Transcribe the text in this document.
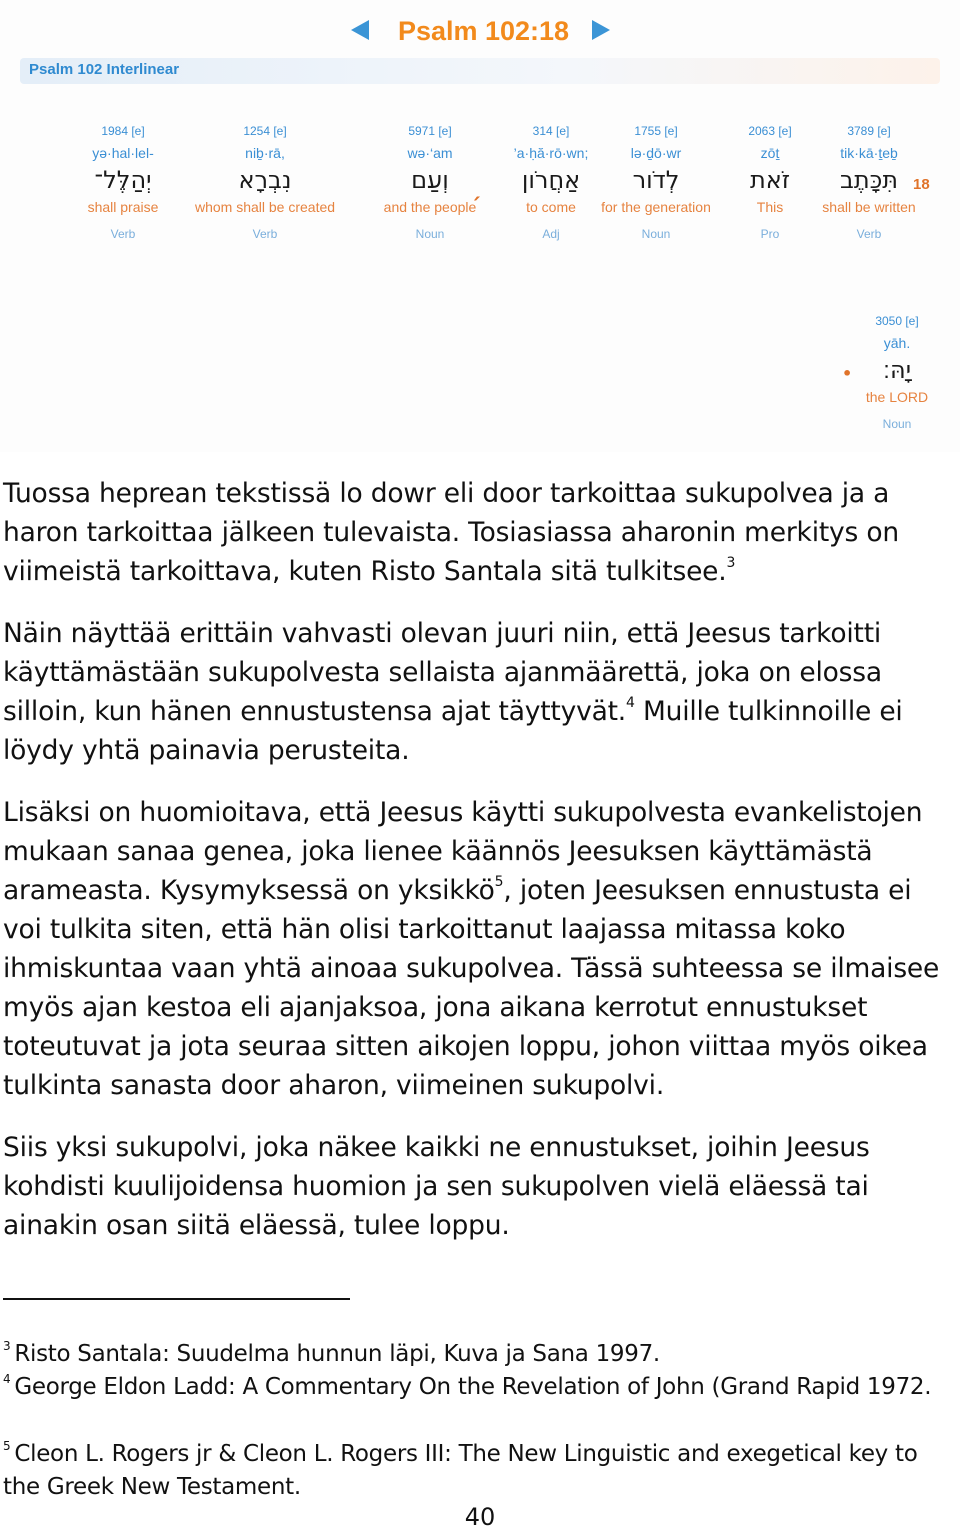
Psalm 102:18
Psalm 102 Interlinear
18
3789 [e]
tik·kā·ṯeḇ
תִּכָּתֶב
shall be written
Verb
2063 [e]
zōṯ
זֹאת
This
Pro
1755 [e]
lə·ḏō·wr
לְדֹור
for the generation
Noun
314 [e]
’a·ḥă·rō·wn;
אַחֲרֹון
to come
Adj
ˏ
5971 [e]
wə·‘am
וְעַם
and the people
Noun
1254 [e]
niḇ·rā,
נִבְרָא
whom shall be created
Verb
1984 [e]
yə·hal·lel-
יְהַלֶּל־
shall praise
Verb
3050 [e]
yāh.
יָהּ׃
the LORD
Noun
•

Tuossa heprean tekstissä lo dowr eli door tarkoittaa sukupolvea ja a haron tarkoittaa jälkeen tulevaista. Tosiasiassa aharonin merkitys on viimeistä tarkoittava, kuten Risto Santala sitä tulkitsee.$^3$

Näin näyttää erittäin vahvasti olevan juuri niin, että Jeesus tarkoitti käyttämästään sukupolvesta sellaista ajanmäärettä, joka on elossa silloin, kun hänen ennustustensa ajat täyttyvät.$^4$ Muille tulkinnoille ei löydy yhtä painavia perusteita.

Lisäksi on huomioitava, että Jeesus käytti sukupolvesta evankelistojen mukaan sanaa genea, joka lienee käännös Jeesuksen käyttämästä arameasta. Kysymyksessä on yksikkö$^5$, joten Jeesuksen ennustusta ei voi tulkita siten, että hän olisi tarkoittanut laajassa mitassa koko ihmiskuntaa vaan yhtä ainoaa sukupolvea. Tässä suhteessa se ilmaisee myös ajan kestoa eli ajanjaksoa, jona aikana kerrotut ennustukset toteutuvat ja jota seuraa sitten aikojen loppu, johon viittaa myös oikea tulkinta sanasta door aharon, viimeinen sukupolvi.

Siis yksi sukupolvi, joka näkee kaikki ne ennustukset, joihin Jeesus kohdisti kuulijoidensa huomion ja sen sukupolven vielä eläessä tai ainakin osan siitä eläessä, tulee loppu.

$^3$ Risto Santala: Suudelma hunnun läpi, Kuva ja Sana 1997.

$^4$ George Eldon Ladd: A Commentary On the Revelation of John (Grand Rapid 1972.

$^5$ Cleon L. Rogers jr & Cleon L. Rogers III: The New Linguistic and exegetical key to the Greek New Testament.

40
